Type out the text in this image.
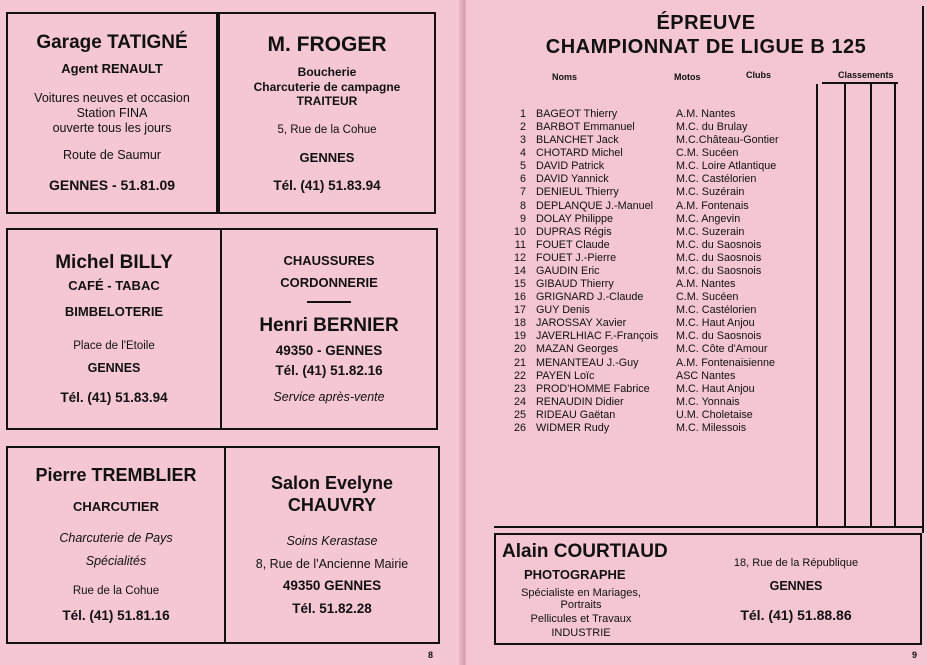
Garage TATIGNÉ
Agent RENAULT
Voitures neuves et occasion
Station FINA
ouverte tous les jours
Route de Saumur
GENNES - 51.81.09
M. FROGER
Boucherie
Charcuterie de campagne
TRAITEUR
5, Rue de la Cohue
GENNES
Tél. (41) 51.83.94
Michel BILLY
CAFÉ - TABAC
BIMBELOTERIE
Place de l'Etoile
GENNES
Tél. (41) 51.83.94
CHAUSSURES
CORDONNERIE
Henri BERNIER
49350 - GENNES
Tél. (41) 51.82.16
Service après-vente
Pierre TREMBLIER
CHARCUTIER
Charcuterie de Pays
Spécialités
Rue de la Cohue
Tél. (41) 51.81.16
Salon Evelyne
CHAUVRY
Soins Kerastase
8, Rue de l'Ancienne Mairie
49350 GENNES
Tél. 51.82.28
8
ÉPREUVE
CHAMPIONNAT DE LIGUE B 125
Noms	Motos	Clubs	Classements
1 BAGEOT Thierry	A.M. Nantes
2 BARBOT Emmanuel	M.C. du Brulay
3 BLANCHET Jack	M.C.Château-Gontier
4 CHOTARD Michel	C.M. Sucéen
5 DAVID Patrick	M.C. Loire Atlantique
6 DAVID Yannick	M.C. Castélorien
7 DENIEUL Thierry	M.C. Suzérain
8 DEPLANQUE J.-Manuel A.M. Fontenais
9 DOLAY Philippe	M.C. Angevin
10 DUPRAS Régis	M.C. Suzerain
11 FOUET Claude	M.C. du Saosnois
12 FOUET J.-Pierre	M.C. du Saosnois
14 GAUDIN Eric	M.C. du Saosnois
15 GIBAUD Thierry	A.M. Nantes
16 GRIGNARD J.-Claude	C.M. Sucéen
17 GUY Denis	M.C. Castélorien
18 JAROSSAY Xavier	M.C. Haut Anjou
19 JAVERLHIAC F.-François M.C. du Saosnois
20 MAZAN Georges	M.C. Côte d'Amour
21 MENANTEAU J.-Guy	A.M. Fontenaisienne
22 PAYEN Loïc	ASC Nantes
23 PROD'HOMME Fabrice M.C. Haut Anjou
24 RENAUDIN Didier	M.C. Yonnais
25 RIDEAU Gaëtan	U.M. Choletaise
26 WIDMER Rudy	M.C. Milessois
Alain COURTIAUD
PHOTOGRAPHE
Spécialiste en Mariages,
Portraits
Pellicules et Travaux
INDUSTRIE
18, Rue de la République
GENNES
Tél. (41) 51.88.86
9
